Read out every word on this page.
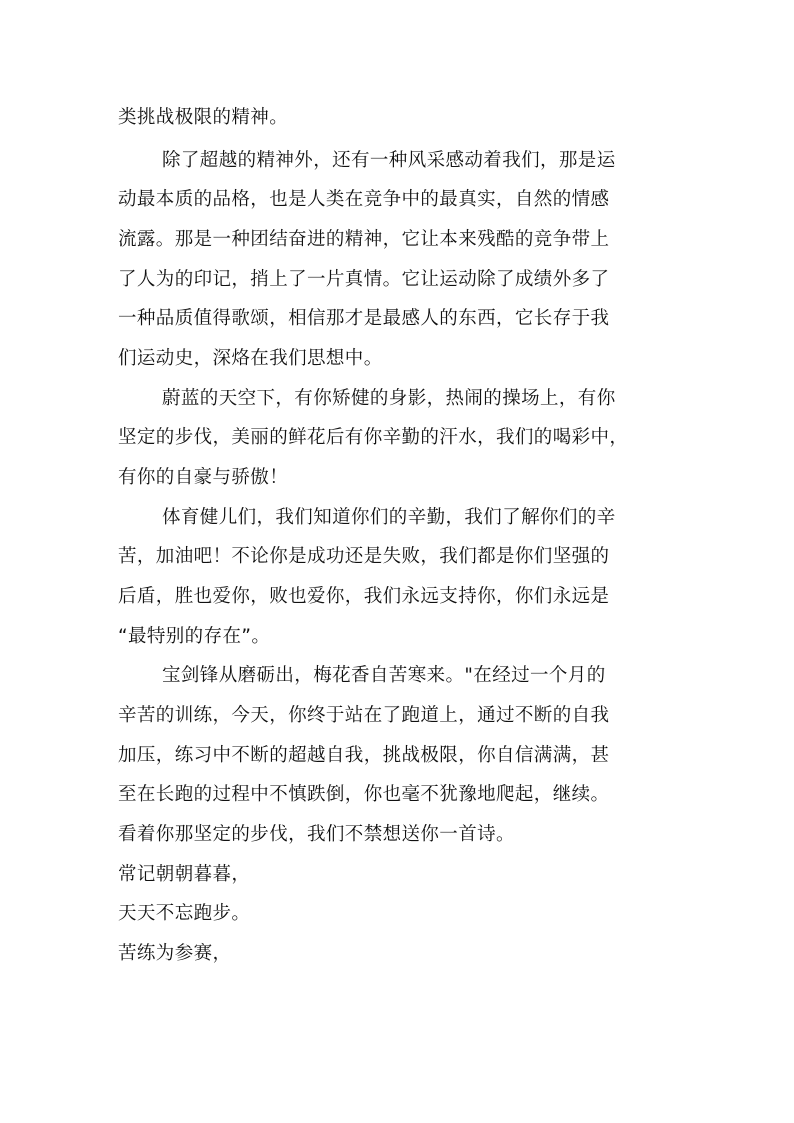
类挑战极限的精神。
除了超越的精神外，还有一种风采感动着我们，那是运
动最本质的品格，也是人类在竞争中的最真实，自然的情感
流露。那是一种团结奋进的精神，它让本来残酷的竞争带上
了人为的印记，捎上了一片真情。它让运动除了成绩外多了
一种品质值得歌颂，相信那才是最感人的东西，它长存于我
们运动史，深烙在我们思想中。
蔚蓝的天空下，有你矫健的身影，热闹的操场上，有你
坚定的步伐，美丽的鲜花后有你辛勤的汗水，我们的喝彩中，
有你的自豪与骄傲！
体育健儿们，我们知道你们的辛勤，我们了解你们的辛
苦，加油吧！不论你是成功还是失败，我们都是你们坚强的
后盾，胜也爱你，败也爱你，我们永远支持你，你们永远是
“最特别的存在”。
宝剑锋从磨砺出，梅花香自苦寒来。"在经过一个月的
辛苦的训练，今天，你终于站在了跑道上，通过不断的自我
加压，练习中不断的超越自我，挑战极限，你自信满满，甚
至在长跑的过程中不慎跌倒，你也毫不犹豫地爬起，继续。
看着你那坚定的步伐，我们不禁想送你一首诗。
常记朝朝暮暮，
天天不忘跑步。
苦练为参赛，
